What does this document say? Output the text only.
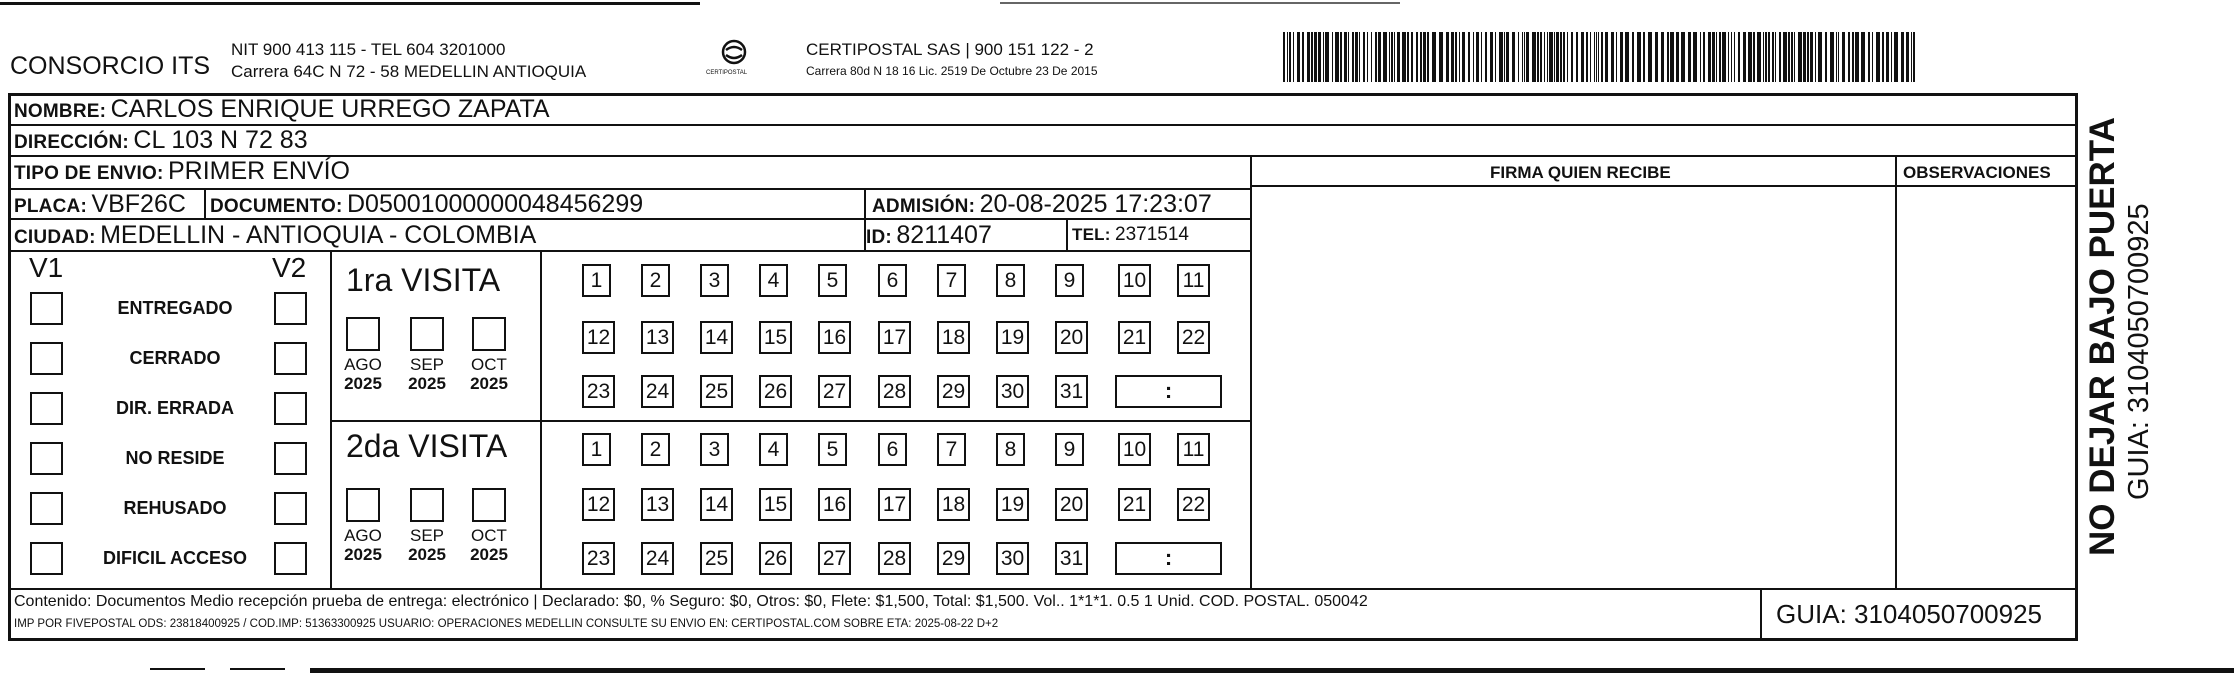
CONSORCIO ITS
NIT 900 413 115 - TEL 604 3201000
Carrera 64C N 72 - 58 MEDELLIN ANTIOQUIA	CERTIPOSTAL
CERTIPOSTAL SAS | 900 151 122 - 2
Carrera 80d N 18 16 Lic. 2519 De Octubre 23 De 2015
NOMBRE: CARLOS ENRIQUE URREGO ZAPATA
DIRECCIÓN: CL 103 N 72 83
TIPO DE ENVIO: PRIMER ENVÍO	FIRMA QUIEN RECIBE	OBSERVACIONES
PLACA: VBF26C DOCUMENTO: D05001000000048456299	ADMISIÓN: 20-08-2025 17:23:07
CIUDAD: MEDELLIN - ANTIOQUIA - COLOMBIA	ID: 8211407	TEL: 2371514
V1	V2
ENTREGADO
CERRADO
DIR. ERRADA
NO RESIDE
REHUSADO
DIFICIL ACCESO
1ra VISITA
AGO
2025
SEP
2025
OCT
2025
1	2	3	4	5	6	7	8	9	10 11
12 13 14 15 16 17 18 19 20 21 22
23 24 25 26 27 28 29 30 31	:
2da VISITA
AGO
2025
SEP
2025
OCT
2025
1	2	3	4	5	6	7	8	9	10 11
12 13 14 15 16 17 18 19 20 21 22
23 24 25 26 27 28 29 30 31	:
Contenido: Documentos Medio recepción prueba de entrega: electrónico | Declarado: $0, % Seguro: $0, Otros: $0, Flete: $1,500, Total: $1,500. Vol.. 1*1*1. 0.5 1 Unid. COD. POSTAL. 050042
IMP POR FIVEPOSTAL ODS: 23818400925 / COD.IMP: 51363300925 USUARIO: OPERACIONES MEDELLIN CONSULTE SU ENVIO EN: CERTIPOSTAL.COM SOBRE ETA: 2025-08-22 D+2	GUIA: 3104050700925
NO DEJAR BAJO PUERTA GUIA: 3104050700925
